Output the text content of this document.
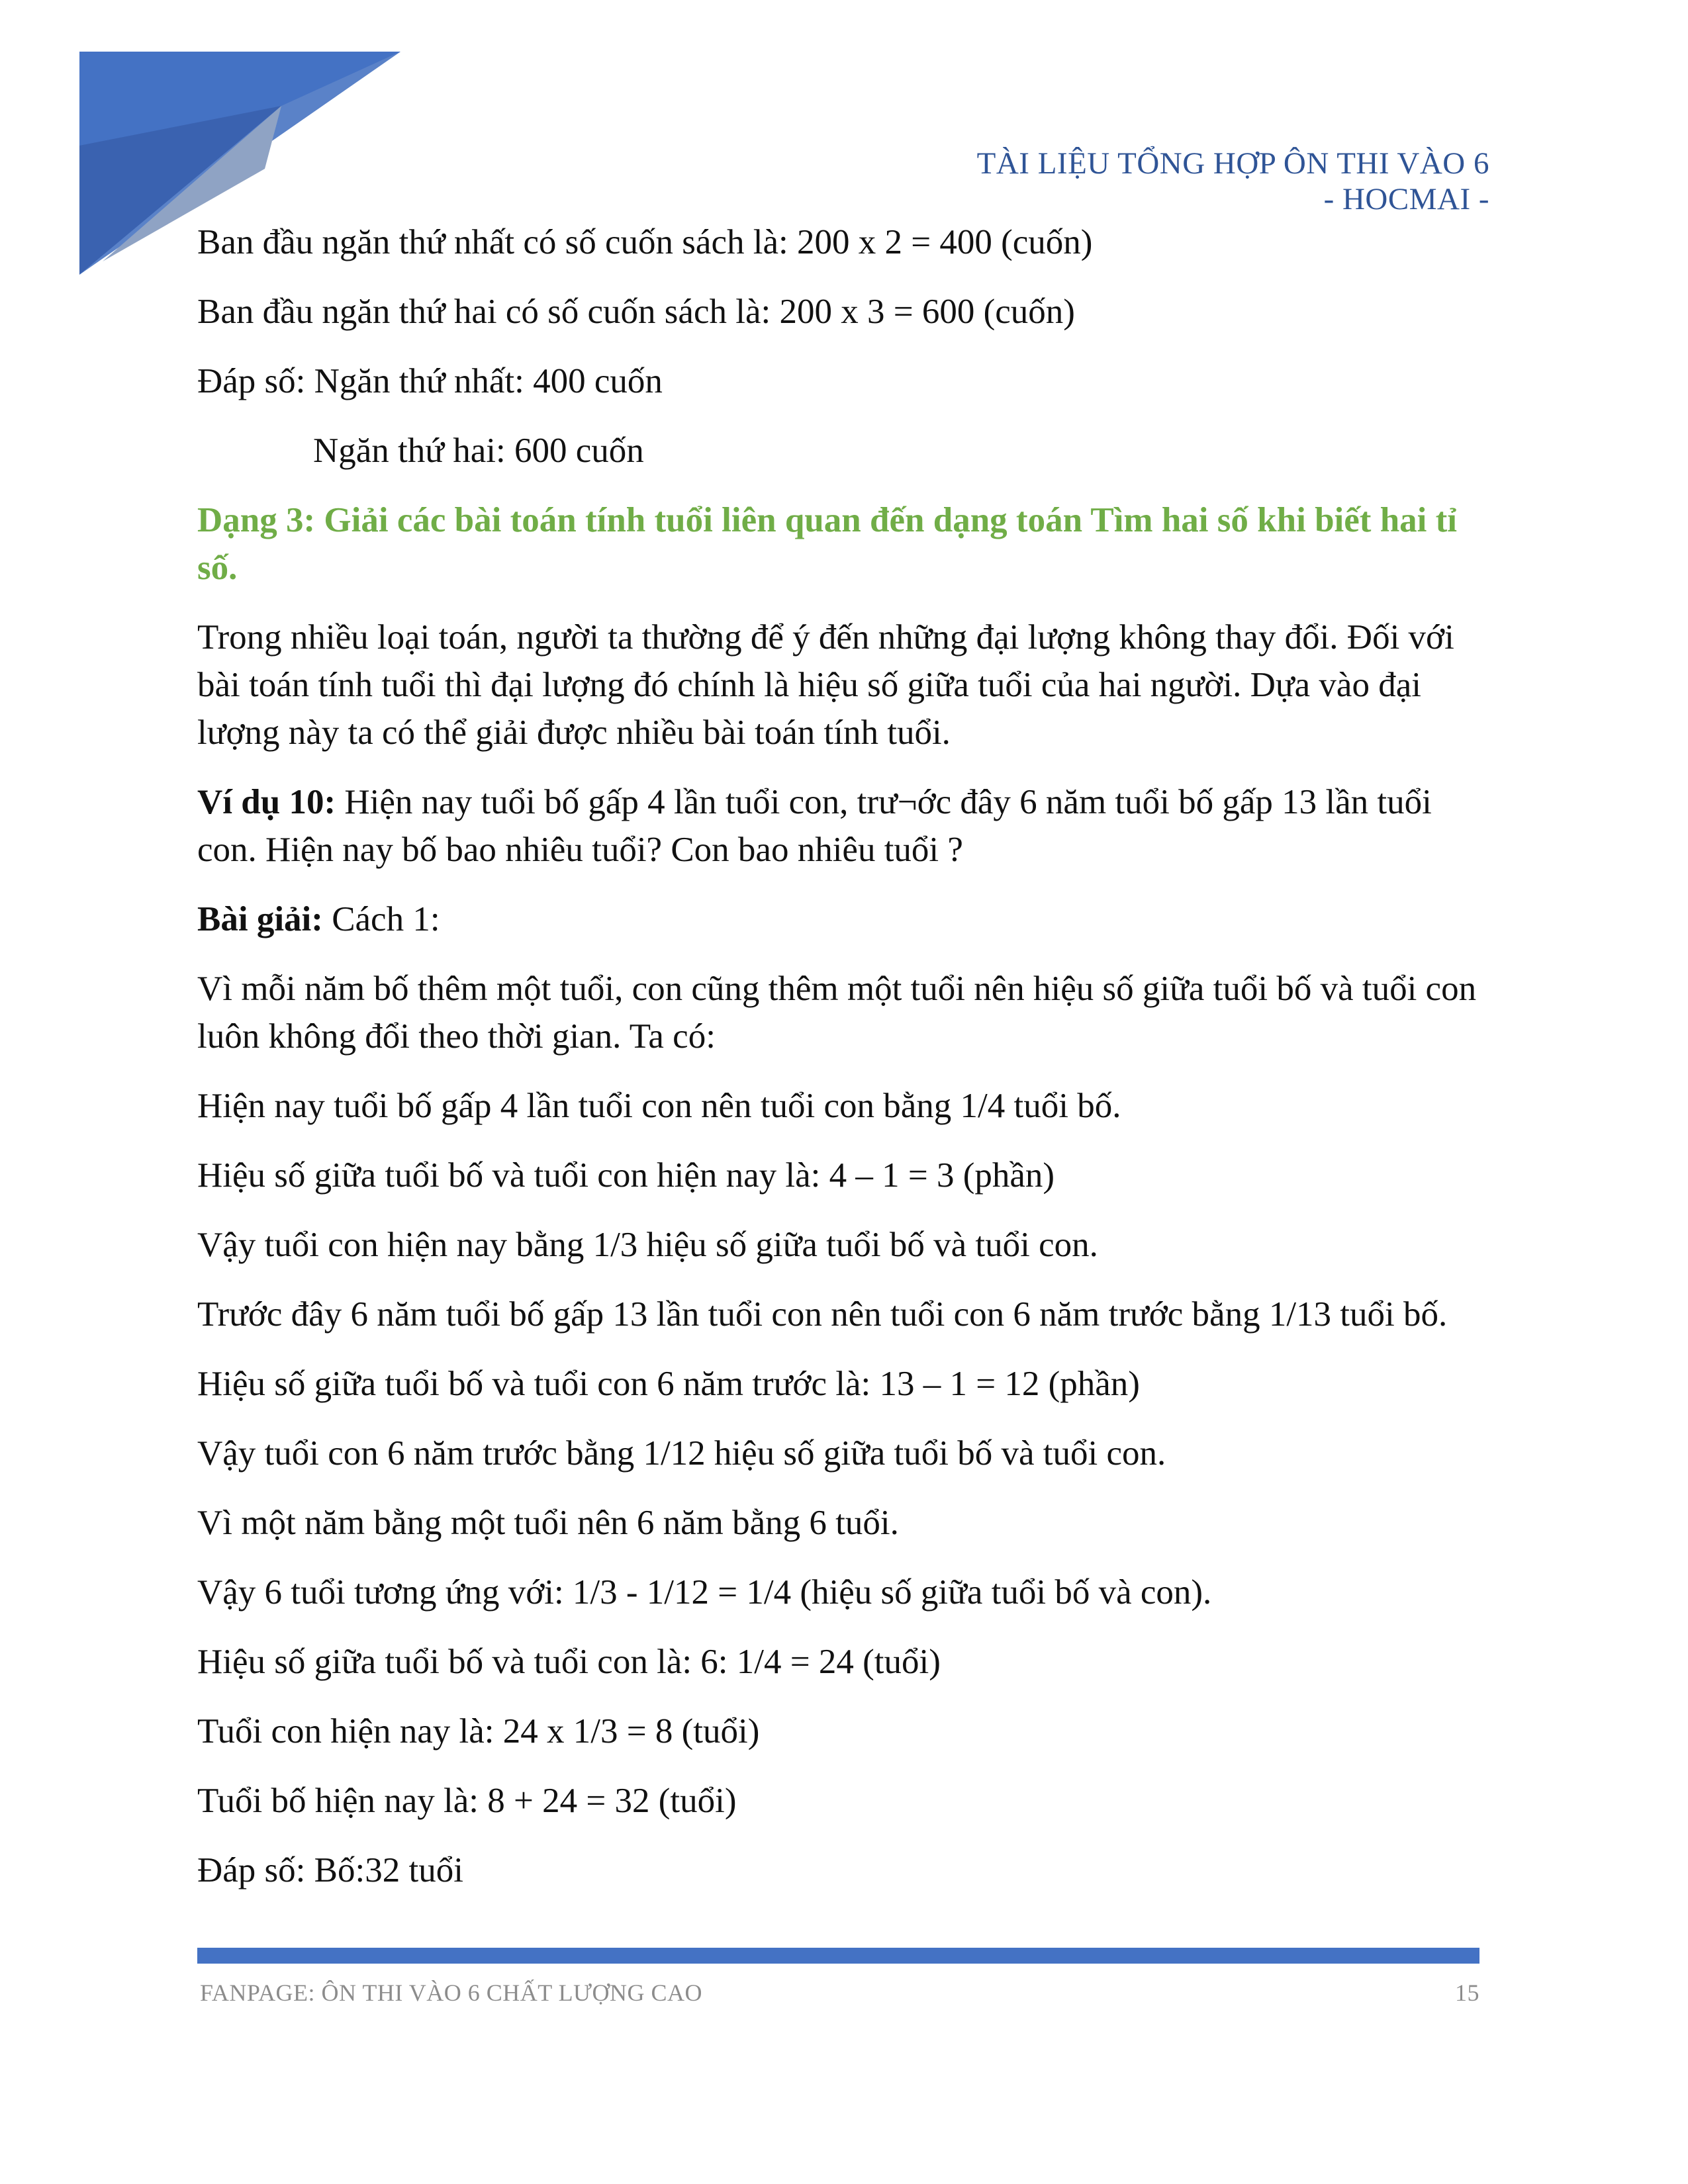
TÀI LIỆU TỔNG HỢP ÔN THI VÀO 6
- HOCMAI -

Ban đầu ngăn thứ nhất có số cuốn sách là: 200 x 2 = 400 (cuốn)

Ban đầu ngăn thứ hai có số cuốn sách là: 200 x 3 = 600 (cuốn)

Đáp số: Ngăn thứ nhất: 400 cuốn

Ngăn thứ hai: 600 cuốn

Dạng 3: Giải các bài toán tính tuổi liên quan đến dạng toán Tìm hai số khi biết hai tỉ số.

Trong nhiều loại toán, người ta thường để ý đến những đại lượng không thay đổi. Đối với bài toán tính tuổi thì đại lượng đó chính là hiệu số giữa tuổi của hai người. Dựa vào đại lượng này ta có thể giải được nhiều bài toán tính tuổi.

Ví dụ 10: Hiện nay tuổi bố gấp 4 lần tuổi con, trư¬ớc đây 6 năm tuổi bố gấp 13 lần tuổi con. Hiện nay bố bao nhiêu tuổi? Con bao nhiêu tuổi ?

Bài giải: Cách 1:

Vì mỗi năm bố thêm một tuổi, con cũng thêm một tuổi nên hiệu số giữa tuổi bố và tuổi con luôn không đổi theo thời gian. Ta có:

Hiện nay tuổi bố gấp 4 lần tuổi con nên tuổi con bằng 1/4 tuổi bố.

Hiệu số giữa tuổi bố và tuổi con hiện nay là: 4 – 1 = 3 (phần)

Vậy tuổi con hiện nay bằng 1/3 hiệu số giữa tuổi bố và tuổi con.

Trước đây 6 năm tuổi bố gấp 13 lần tuổi con nên tuổi con 6 năm trước bằng 1/13 tuổi bố.

Hiệu số giữa tuổi bố và tuổi con 6 năm trước là: 13 – 1 = 12 (phần)

Vậy tuổi con 6 năm trước bằng 1/12 hiệu số giữa tuổi bố và tuổi con.

Vì một năm bằng một tuổi nên 6 năm bằng 6 tuổi.

Vậy 6 tuổi tương ứng với: 1/3 - 1/12 = 1/4 (hiệu số giữa tuổi bố và con).

Hiệu số giữa tuổi bố và tuổi con là: 6: 1/4 = 24 (tuổi)

Tuổi con hiện nay là: 24 x 1/3 = 8 (tuổi)

Tuổi bố hiện nay là: 8 + 24 = 32 (tuổi)

Đáp số: Bố:32 tuổi

FANPAGE: ÔN THI VÀO 6 CHẤT LƯỢNG CAO	15
